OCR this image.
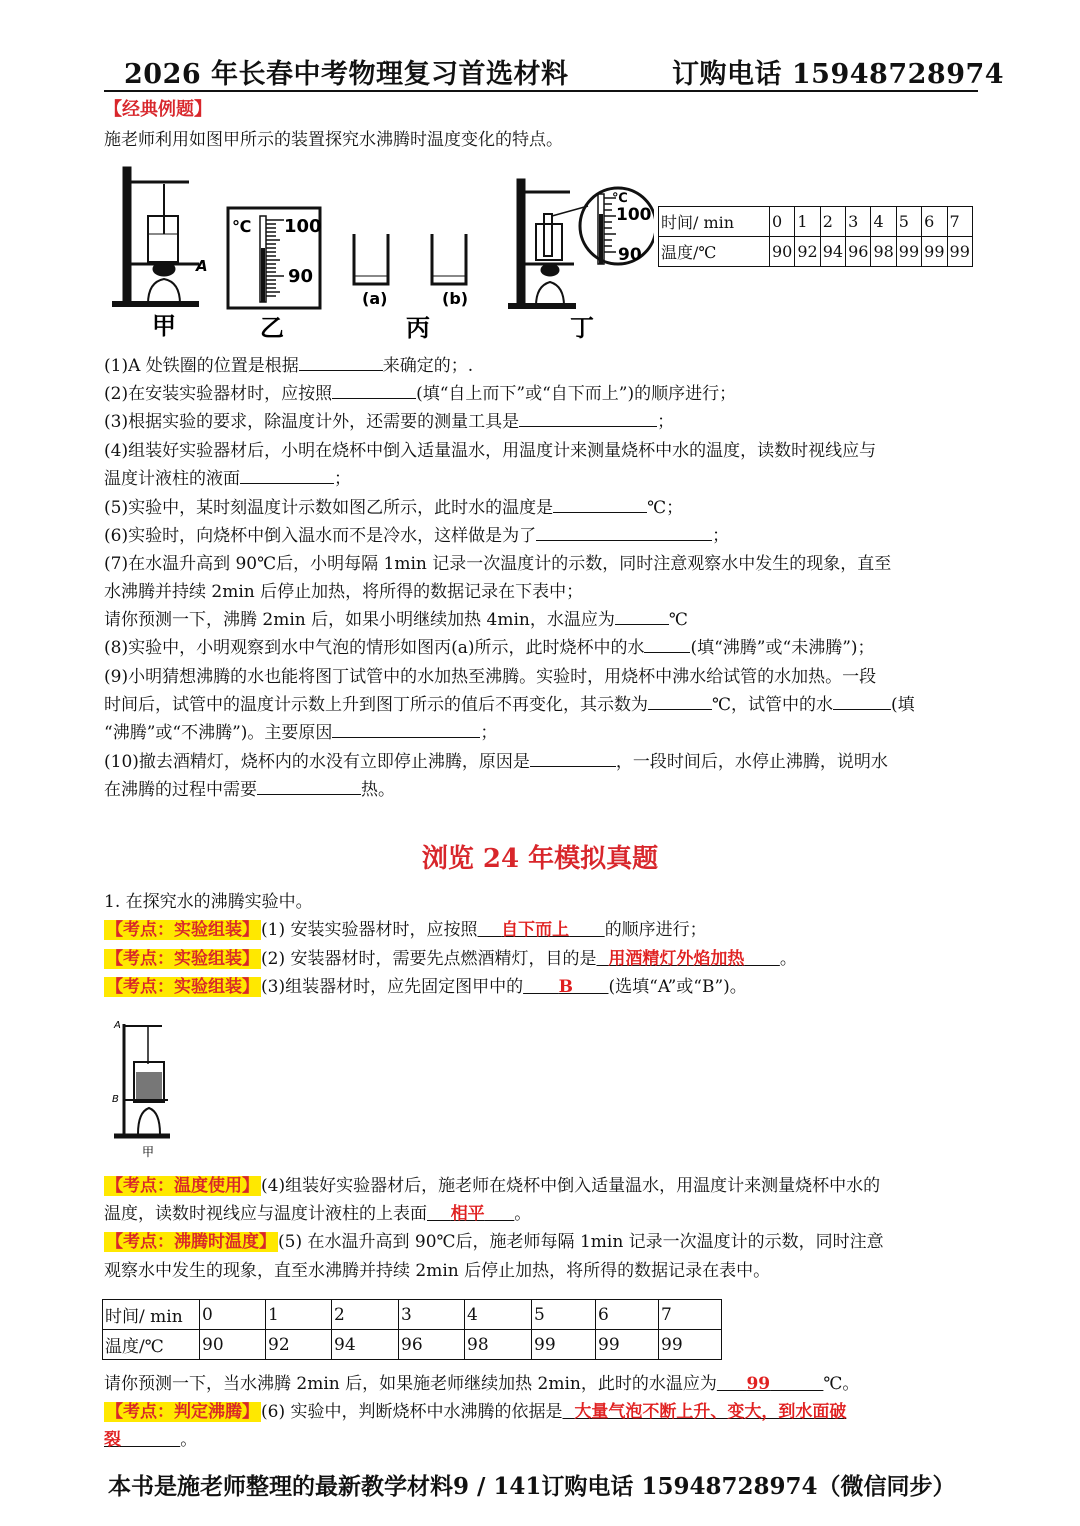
2026 年长春中考物理复习首选材料	订购电话 15948728974
【经典例题】
施老师利用如图甲所示的装置探究水沸腾时温度变化的特点。
A
甲
℃ 100
90
乙
(a)	(b)
丙
℃
100
90
丁
时间/ min	0	1	2	3	4	5	6	7
温度/℃	90	92	94	96	98	99	99	99
(1)A 处铁圈的位置是根据	来确定的；.
(2)在安装实验器材时，应按照	(填“自上而下”或“自下而上”)的顺序进行；
(3)根据实验的要求，除温度计外，还需要的测量工具是	；
(4)组装好实验器材后，小明在烧杯中倒入适量温水，用温度计来测量烧杯中水的温度，读数时视线应与
温度计液柱的液面	；
(5)实验中，某时刻温度计示数如图乙所示，此时水的温度是	℃；
(6)实验时，向烧杯中倒入温水而不是冷水，这样做是为了	；
(7)在水温升高到 90℃后，小明每隔 1min 记录一次温度计的示数，同时注意观察水中发生的现象，直至
水沸腾并持续 2min 后停止加热，将所得的数据记录在下表中；
请你预测一下，沸腾 2min 后，如果小明继续加热 4min，水温应为	℃
(8)实验中，小明观察到水中气泡的情形如图丙(a)所示，此时烧杯中的水	(填“沸腾”或“未沸腾”)；
(9)小明猜想沸腾的水也能将图丁试管中的水加热至沸腾。实验时，用烧杯中沸水给试管的水加热。一段
时间后，试管中的温度计示数上升到图丁所示的值后不再变化，其示数为	℃，试管中的水	(填
“沸腾”或“不沸腾”)。主要原因	；
(10)撤去酒精灯，烧杯内的水没有立即停止沸腾，原因是	，一段时间后，水停止沸腾，说明水
在沸腾的过程中需要	热。
浏览 24 年模拟真题
1. 在探究水的沸腾实验中。
【考点：实验组装】 (1) 安装实验器材时，应按照 自下而上 的顺序进行；
【考点：实验组装】 (2) 安装器材时，需要先点燃酒精灯，目的是 用酒精灯外焰加热 。
【考点：实验组装】 (3)组装器材时，应先固定图甲中的 B (选填“A”或“B”)。
A
B
甲
【考点：温度使用】 (4)组装好实验器材后，施老师在烧杯中倒入适量温水，用温度计来测量烧杯中水的
温度，读数时视线应与温度计液柱的上表面 相平 。
【考点：沸腾时温度】 (5) 在水温升高到 90℃后，施老师每隔 1min 记录一次温度计的示数，同时注意
观察水中发生的现象，直至水沸腾并持续 2min 后停止加热，将所得的数据记录在表中。
时间/ min	0	1	2	3	4	5	6	7
温度/℃	90	92	94	96	98	99	99	99
请你预测一下，当水沸腾 2min 后，如果施老师继续加热 2min，此时的水温应为 99	℃。
【考点：判定沸腾】 (6) 实验中，判断烧杯中水沸腾的依据是 大量气泡不断上升、变大，到水面破
裂	。
本书是施老师整理的最新教学材料9 / 141订购电话 15948728974（微信同步）
